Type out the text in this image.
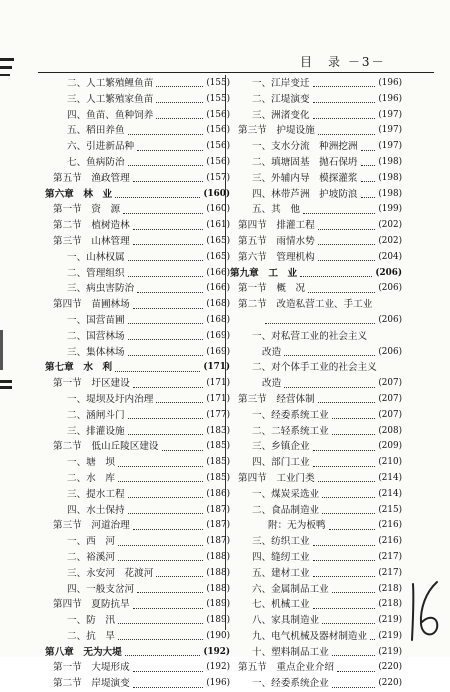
目　录 －3－
二、人工繁殖鲤鱼苗	(155)
三、人工繁殖家鱼苗	(155)
四、鱼苗、鱼种饲养	(156)
五、稻田养鱼	(156)
六、引进新品种	(156)
七、鱼病防治	(156)
第五节　渔政管理	(157)
第六章　林　业	(160)
第一节　资　源	(160)
第二节　植树造林	(161)
第三节　山林管理	(165)
一、山林权属	(165)
二、管理组织	(166)
三、病虫害防治	(166)
第四节　苗圃林场	(168)
一、国营苗圃	(168)
二、国营林场	(169)
三、集体林场	(169)
第七章　水　利	(171)
第一节　圩区建设	(171)
一、堤坝及圩内治理	(171)
二、涵闸斗门	(177)
三、排灌设施	(183)
第二节　低山丘陵区建设	(185)
一、塘　坝	(185)
二、水　库	(185)
三、提水工程	(186)
四、水土保持	(187)
第三节　河道治理	(187)
一、西　河	(187)
二、裕溪河	(188)
三、永安河　花渡河	(188)
四、一般支岔河	(188)
第四节　夏防抗旱	(189)
一、防　汛	(189)
二、抗　旱	(190)
第八章　无为大堤	(192)
第一节　大堤形成	(192)
第二节　岸堤演变	(196)
一、江岸变迁	(196)
二、江堤演变	(196)
三、洲渚变化	(197)
第三节　护堤设施	(197)
一、支水分流　种洲挖洲 (197)
二、填塘固基　抛石保坍 (198)
三、外辅内导　模探灌浆 (198)
四、林带芦洲　护坡防浪 (198)
五、其　他	(199)
第四节　排灌工程	(202)
第五节　雨情水势	(202)
第六节　管理机构	(204)
第九章　工　业	(206)
第一节　概　况	(206)
第二节　改造私营工业、手工业
(206)
一、对私营工业的社会主义
改造	(206)
二、对个体手工业的社会主义
改造	(207)
第三节　经营体制	(207)
一、经委系统工业	(207)
二、二轻系统工业	(208)
三、乡镇企业	(209)
四、部门工业	(210)
第四节　工业门类	(214)
一、煤炭采选业	(214)
二、食品制造业	(215)
附：无为板鸭	(216)
三、纺织工业	(216)
四、缝纫工业	(217)
五、建材工业	(217)
六、金属制品工业	(218)
七、机械工业	(218)
八、家具制造业	(219)
九、电气机械及器材制造业 (219)
十、塑料制品工业	(219)
第五节　重点企业介绍	(220)
一、经委系统企业	(220)
